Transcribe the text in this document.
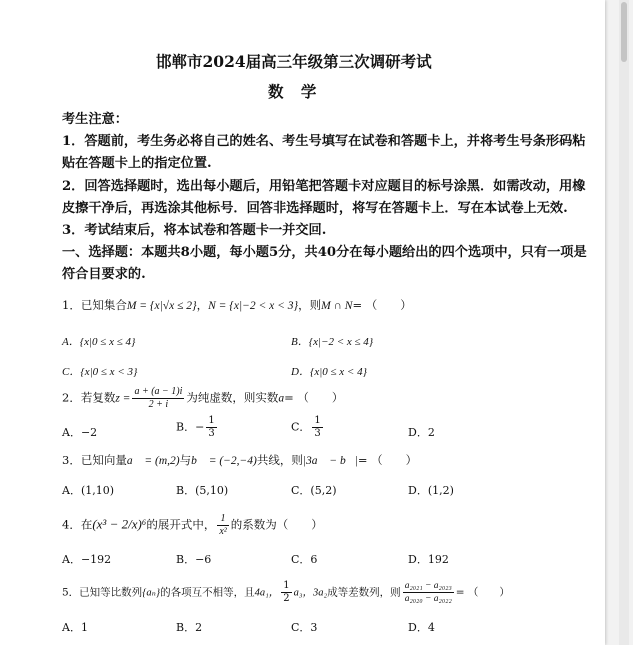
邯郸市2024届高三年级第三次调研考试
数 学
考生注意：
1．答题前，考生务必将自己的姓名、考生号填写在试卷和答题卡上，并将考生号条形码粘
贴在答题卡上的指定位置.
2．回答选择题时，选出每小题后，用铅笔把答题卡对应题目的标号涂黑．如需改动，用橡
皮擦干净后，再选涂其他标号．回答非选择题时，将写在答题卡上．写在本试卷上无效.
3．考试结束后，将本试卷和答题卡一并交回.
一、选择题：本题共8小题，每小题5分，共40分在每小题给出的四个选项中，只有一项是
符合目要求的.
1．已知集合M = {x|√x ≤ 2}，N = {x|−2 < x < 3}，则M ∩ N= （　　）
A．{x|0 ≤ x ≤ 4}	B．{x|−2 < x ≤ 4}
C．{x|0 ≤ x < 3}	D．{x|0 ≤ x < 4}
2．若复数$z = \frac{a + (a - 1)i}{2 + i}$ 为纯虚数，则实数a= （　　）
A．−2	B．− $\frac{1}{3}$	C． $\frac{1}{3}$	D．2
3．已知向量a⃗ = (m,2)与b⃗ = (−2,−4)共线，则|3a⃗ − b⃗|= （　　）
A．(1,10)	B．(5,10)	C．(5,2)	D．(1,2)
4．在(x³ − 2/x)⁶的展开式中， $\frac{1}{\text{x²}}$ 的系数为（　　）
A．−192	B．−6	C．6	D．192
5．已知等比数列{aₙ}的各项互不相等，且4a₁， $\frac{1}{2} a_3$，3a₂成等差数列，则 $\frac{\text{a₂₀₂₁ − a₂₀₂₃}}{\text{a₂₀₂₀ − a₂₀₂₂}}$ = （　　）
A．1	B．2	C．3	D．4
